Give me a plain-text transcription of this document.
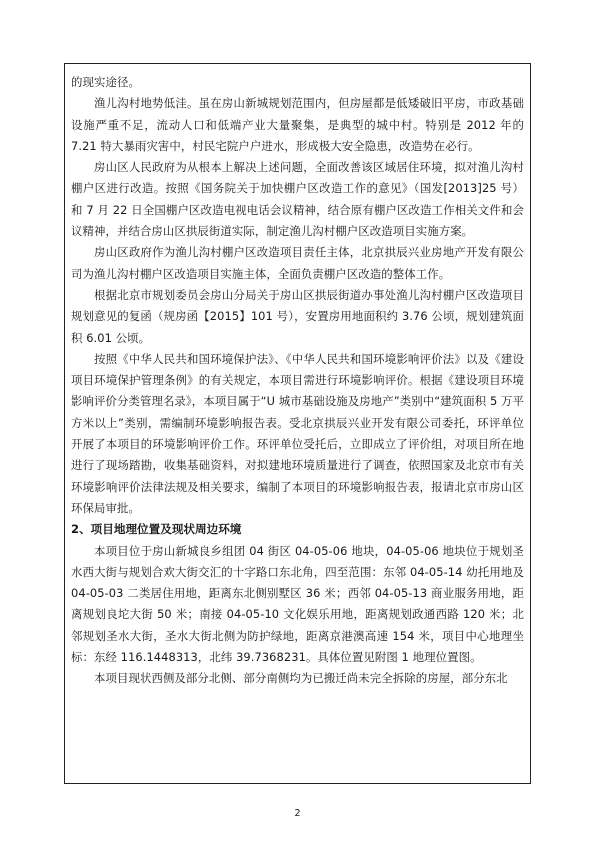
的现实途径。

渔儿沟村地势低洼。虽在房山新城规划范围内，但房屋都是低矮破旧平房，市政基础设施严重不足，流动人口和低端产业大量聚集，是典型的城中村。特别是 2012 年的 7.21 特大暴雨灾害中，村民宅院户户进水，形成极大安全隐患，改造势在必行。

房山区人民政府为从根本上解决上述问题，全面改善该区域居住环境，拟对渔儿沟村棚户区进行改造。按照《国务院关于加快棚户区改造工作的意见》（国发[2013]25 号）和 7 月 22 日全国棚户区改造电视电话会议精神，结合原有棚户区改造工作相关文件和会议精神，并结合房山区拱辰街道实际，制定渔儿沟村棚户区改造项目实施方案。

房山区政府作为渔儿沟村棚户区改造项目责任主体，北京拱辰兴业房地产开发有限公司为渔儿沟村棚户区改造项目实施主体，全面负责棚户区改造的整体工作。

根据北京市规划委员会房山分局关于房山区拱辰街道办事处渔儿沟村棚户区改造项目规划意见的复函（规房函【2015】101 号），安置房用地面积约 3.76 公顷，规划建筑面积 6.01 公顷。

按照《中华人民共和国环境保护法》、《中华人民共和国环境影响评价法》以及《建设项目环境保护管理条例》的有关规定，本项目需进行环境影响评价。根据《建设项目环境影响评价分类管理名录》，本项目属于“U 城市基础设施及房地产”类别中“建筑面积 5 万平方米以上”类别，需编制环境影响报告表。受北京拱辰兴业开发有限公司委托，环评单位开展了本项目的环境影响评价工作。环评单位受托后，立即成立了评价组，对项目所在地进行了现场踏勘，收集基础资料，对拟建地环境质量进行了调查，依照国家及北京市有关环境影响评价法律法规及相关要求，编制了本项目的环境影响报告表，报请北京市房山区环保局审批。

2、项目地理位置及现状周边环境

本项目位于房山新城良乡组团 04 街区 04-05-06 地块，04-05-06 地块位于规划圣水西大街与规划合欢大街交汇的十字路口东北角，四至范围：东邻 04-05-14 幼托用地及 04-05-03 二类居住用地，距离东北侧别墅区 36 米；西邻 04-05-13 商业服务用地，距离规划良坨大街 50 米；南接 04-05-10 文化娱乐用地，距离规划政通西路 120 米；北邻规划圣水大街，圣水大街北侧为防护绿地，距离京港澳高速 154 米，项目中心地理坐标：东经 116.1448313，北纬 39.7368231。具体位置见附图 1 地理位置图。

本项目现状西侧及部分北侧、部分南侧均为已搬迁尚未完全拆除的房屋，部分东北

2
